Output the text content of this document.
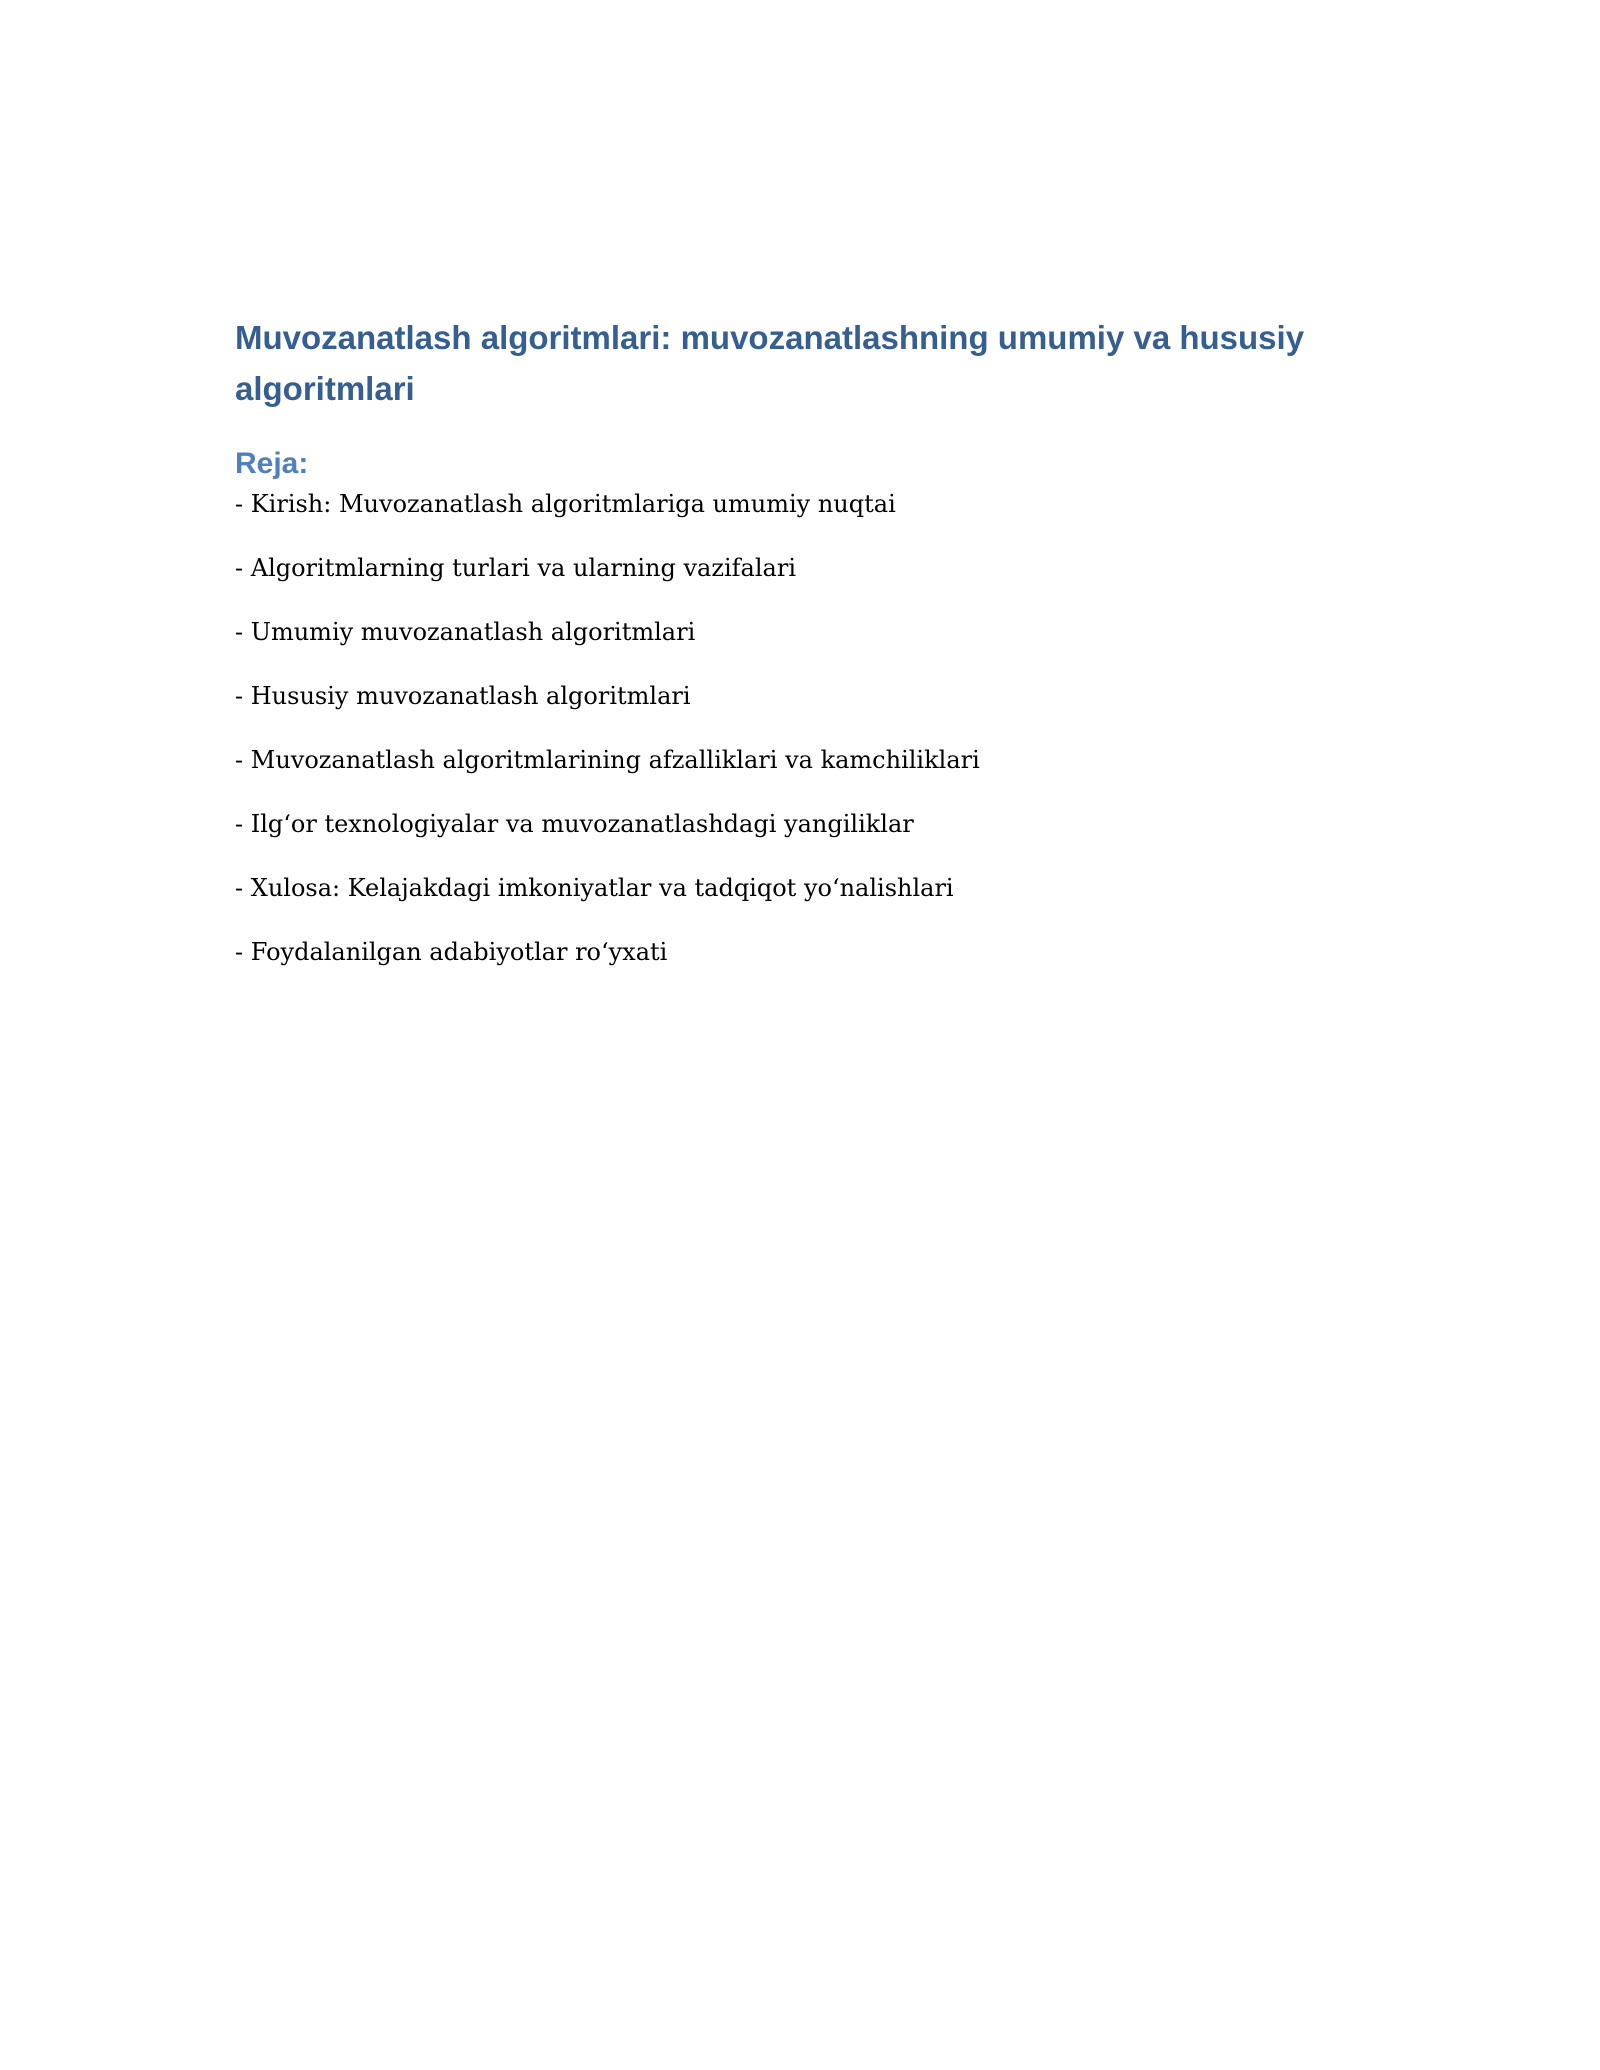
Muvozanatlash algoritmlari: muvozanatlashning umumiy va hususiy algoritmlari
Reja:
- Kirish: Muvozanatlash algoritmlariga umumiy nuqtai
- Algoritmlarning turlari va ularning vazifalari
- Umumiy muvozanatlash algoritmlari
- Hususiy muvozanatlash algoritmlari
- Muvozanatlash algoritmlarining afzalliklari va kamchiliklari
- Ilg‘or texnologiyalar va muvozanatlashdagi yangiliklar
- Xulosa: Kelajakdagi imkoniyatlar va tadqiqot yo‘nalishlari
- Foydalanilgan adabiyotlar ro‘yxati
